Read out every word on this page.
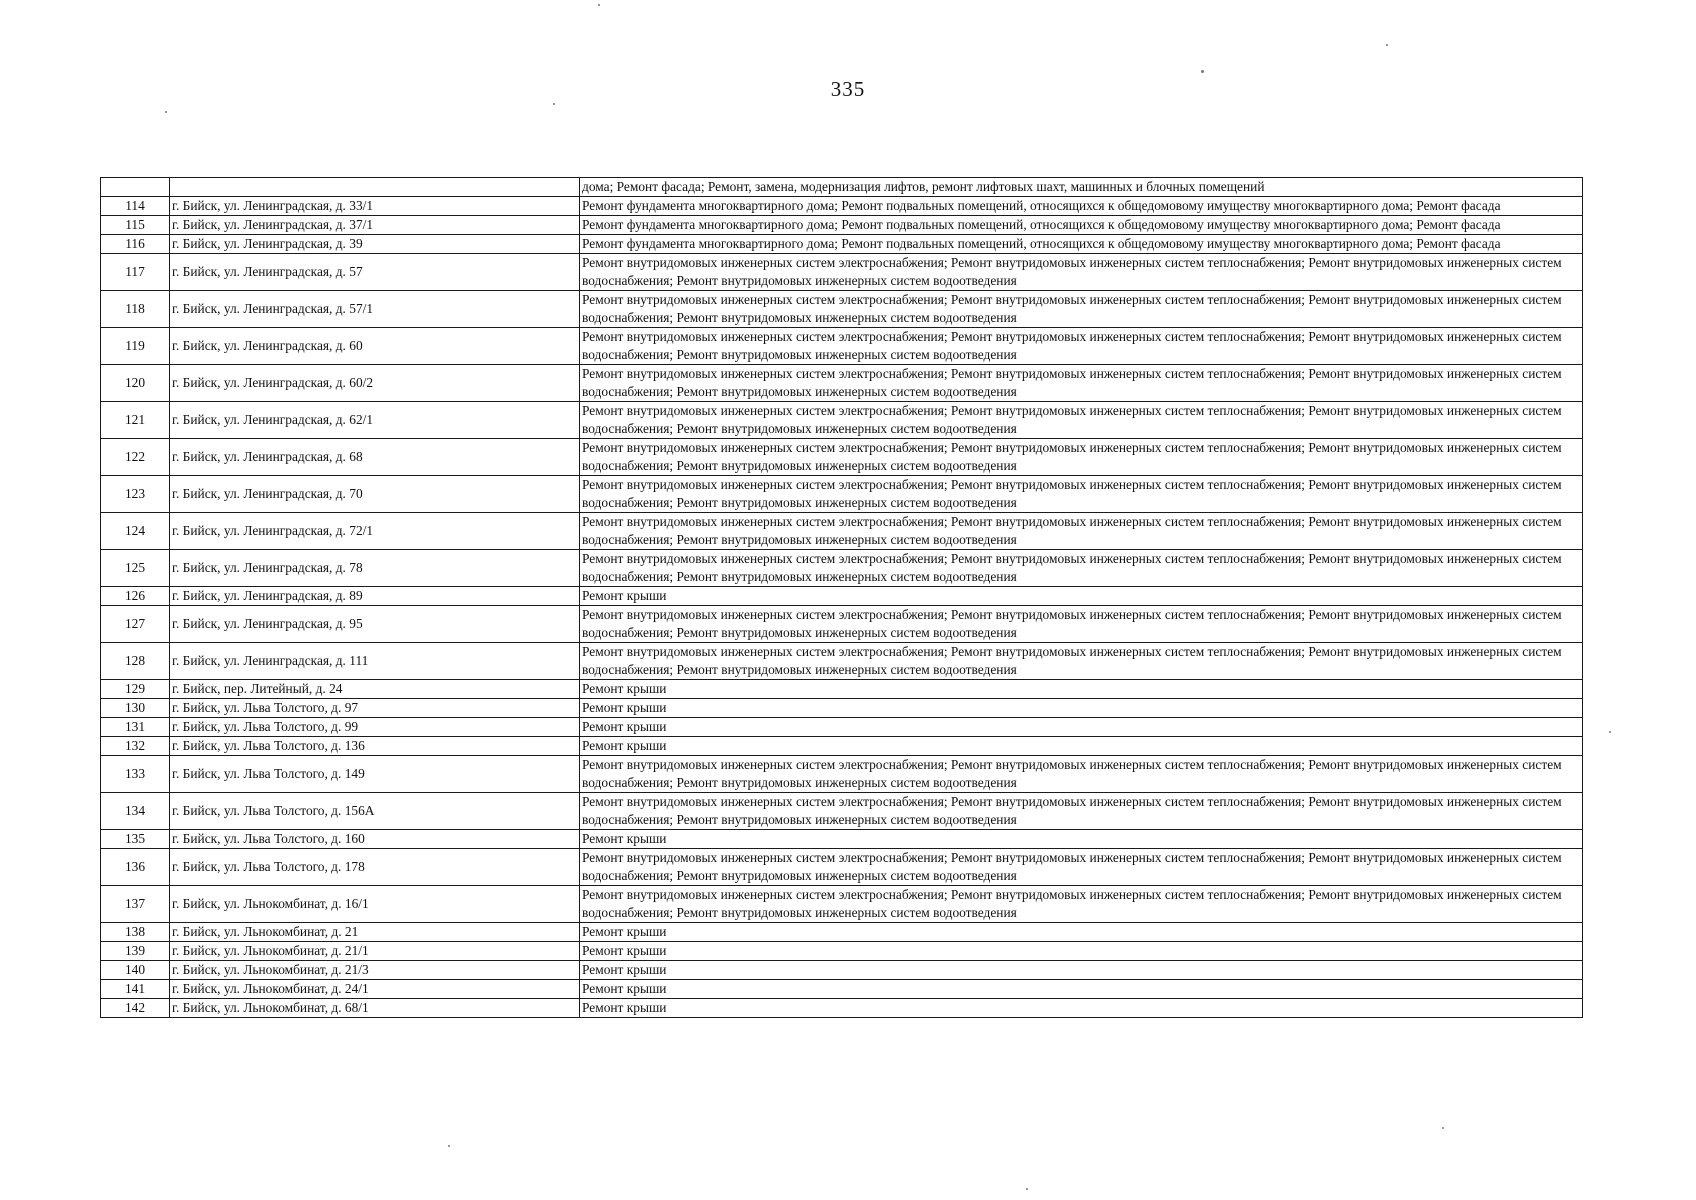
335
		дома; Ремонт фасада; Ремонт, замена, модернизация лифтов, ремонт лифтовых шахт, машинных и блочных помещений
114	г. Бийск, ул. Ленинградская, д. 33/1	Ремонт фундамента многоквартирного дома; Ремонт подвальных помещений, относящихся к общедомовому имуществу многоквартирного дома; Ремонт фасада
115	г. Бийск, ул. Ленинградская, д. 37/1	Ремонт фундамента многоквартирного дома; Ремонт подвальных помещений, относящихся к общедомовому имуществу многоквартирного дома; Ремонт фасада
116	г. Бийск, ул. Ленинградская, д. 39	Ремонт фундамента многоквартирного дома; Ремонт подвальных помещений, относящихся к общедомовому имуществу многоквартирного дома; Ремонт фасада
117	г. Бийск, ул. Ленинградская, д. 57	Ремонт внутридомовых инженерных систем электроснабжения; Ремонт внутридомовых инженерных систем теплоснабжения; Ремонт внутридомовых инженерных систем водоснабжения; Ремонт внутридомовых инженерных систем водоотведения
118	г. Бийск, ул. Ленинградская, д. 57/1	Ремонт внутридомовых инженерных систем электроснабжения; Ремонт внутридомовых инженерных систем теплоснабжения; Ремонт внутридомовых инженерных систем водоснабжения; Ремонт внутридомовых инженерных систем водоотведения
119	г. Бийск, ул. Ленинградская, д. 60	Ремонт внутридомовых инженерных систем электроснабжения; Ремонт внутридомовых инженерных систем теплоснабжения; Ремонт внутридомовых инженерных систем водоснабжения; Ремонт внутридомовых инженерных систем водоотведения
120	г. Бийск, ул. Ленинградская, д. 60/2	Ремонт внутридомовых инженерных систем электроснабжения; Ремонт внутридомовых инженерных систем теплоснабжения; Ремонт внутридомовых инженерных систем водоснабжения; Ремонт внутридомовых инженерных систем водоотведения
121	г. Бийск, ул. Ленинградская, д. 62/1	Ремонт внутридомовых инженерных систем электроснабжения; Ремонт внутридомовых инженерных систем теплоснабжения; Ремонт внутридомовых инженерных систем водоснабжения; Ремонт внутридомовых инженерных систем водоотведения
122	г. Бийск, ул. Ленинградская, д. 68	Ремонт внутридомовых инженерных систем электроснабжения; Ремонт внутридомовых инженерных систем теплоснабжения; Ремонт внутридомовых инженерных систем водоснабжения; Ремонт внутридомовых инженерных систем водоотведения
123	г. Бийск, ул. Ленинградская, д. 70	Ремонт внутридомовых инженерных систем электроснабжения; Ремонт внутридомовых инженерных систем теплоснабжения; Ремонт внутридомовых инженерных систем водоснабжения; Ремонт внутридомовых инженерных систем водоотведения
124	г. Бийск, ул. Ленинградская, д. 72/1	Ремонт внутридомовых инженерных систем электроснабжения; Ремонт внутридомовых инженерных систем теплоснабжения; Ремонт внутридомовых инженерных систем водоснабжения; Ремонт внутридомовых инженерных систем водоотведения
125	г. Бийск, ул. Ленинградская, д. 78	Ремонт внутридомовых инженерных систем электроснабжения; Ремонт внутридомовых инженерных систем теплоснабжения; Ремонт внутридомовых инженерных систем водоснабжения; Ремонт внутридомовых инженерных систем водоотведения
126	г. Бийск, ул. Ленинградская, д. 89	Ремонт крыши
127	г. Бийск, ул. Ленинградская, д. 95	Ремонт внутридомовых инженерных систем электроснабжения; Ремонт внутридомовых инженерных систем теплоснабжения; Ремонт внутридомовых инженерных систем водоснабжения; Ремонт внутридомовых инженерных систем водоотведения
128	г. Бийск, ул. Ленинградская, д. 111	Ремонт внутридомовых инженерных систем электроснабжения; Ремонт внутридомовых инженерных систем теплоснабжения; Ремонт внутридомовых инженерных систем водоснабжения; Ремонт внутридомовых инженерных систем водоотведения
129	г. Бийск, пер. Литейный, д. 24	Ремонт крыши
130	г. Бийск, ул. Льва Толстого, д. 97	Ремонт крыши
131	г. Бийск, ул. Льва Толстого, д. 99	Ремонт крыши
132	г. Бийск, ул. Льва Толстого, д. 136	Ремонт крыши
133	г. Бийск, ул. Льва Толстого, д. 149	Ремонт внутридомовых инженерных систем электроснабжения; Ремонт внутридомовых инженерных систем теплоснабжения; Ремонт внутридомовых инженерных систем водоснабжения; Ремонт внутридомовых инженерных систем водоотведения
134	г. Бийск, ул. Льва Толстого, д. 156А	Ремонт внутридомовых инженерных систем электроснабжения; Ремонт внутридомовых инженерных систем теплоснабжения; Ремонт внутридомовых инженерных систем водоснабжения; Ремонт внутридомовых инженерных систем водоотведения
135	г. Бийск, ул. Льва Толстого, д. 160	Ремонт крыши
136	г. Бийск, ул. Льва Толстого, д. 178	Ремонт внутридомовых инженерных систем электроснабжения; Ремонт внутридомовых инженерных систем теплоснабжения; Ремонт внутридомовых инженерных систем водоснабжения; Ремонт внутридомовых инженерных систем водоотведения
137	г. Бийск, ул. Льнокомбинат, д. 16/1	Ремонт внутридомовых инженерных систем электроснабжения; Ремонт внутридомовых инженерных систем теплоснабжения; Ремонт внутридомовых инженерных систем водоснабжения; Ремонт внутридомовых инженерных систем водоотведения
138	г. Бийск, ул. Льнокомбинат, д. 21	Ремонт крыши
139	г. Бийск, ул. Льнокомбинат, д. 21/1	Ремонт крыши
140	г. Бийск, ул. Льнокомбинат, д. 21/3	Ремонт крыши
141	г. Бийск, ул. Льнокомбинат, д. 24/1	Ремонт крыши
142	г. Бийск, ул. Льнокомбинат, д. 68/1	Ремонт крыши
